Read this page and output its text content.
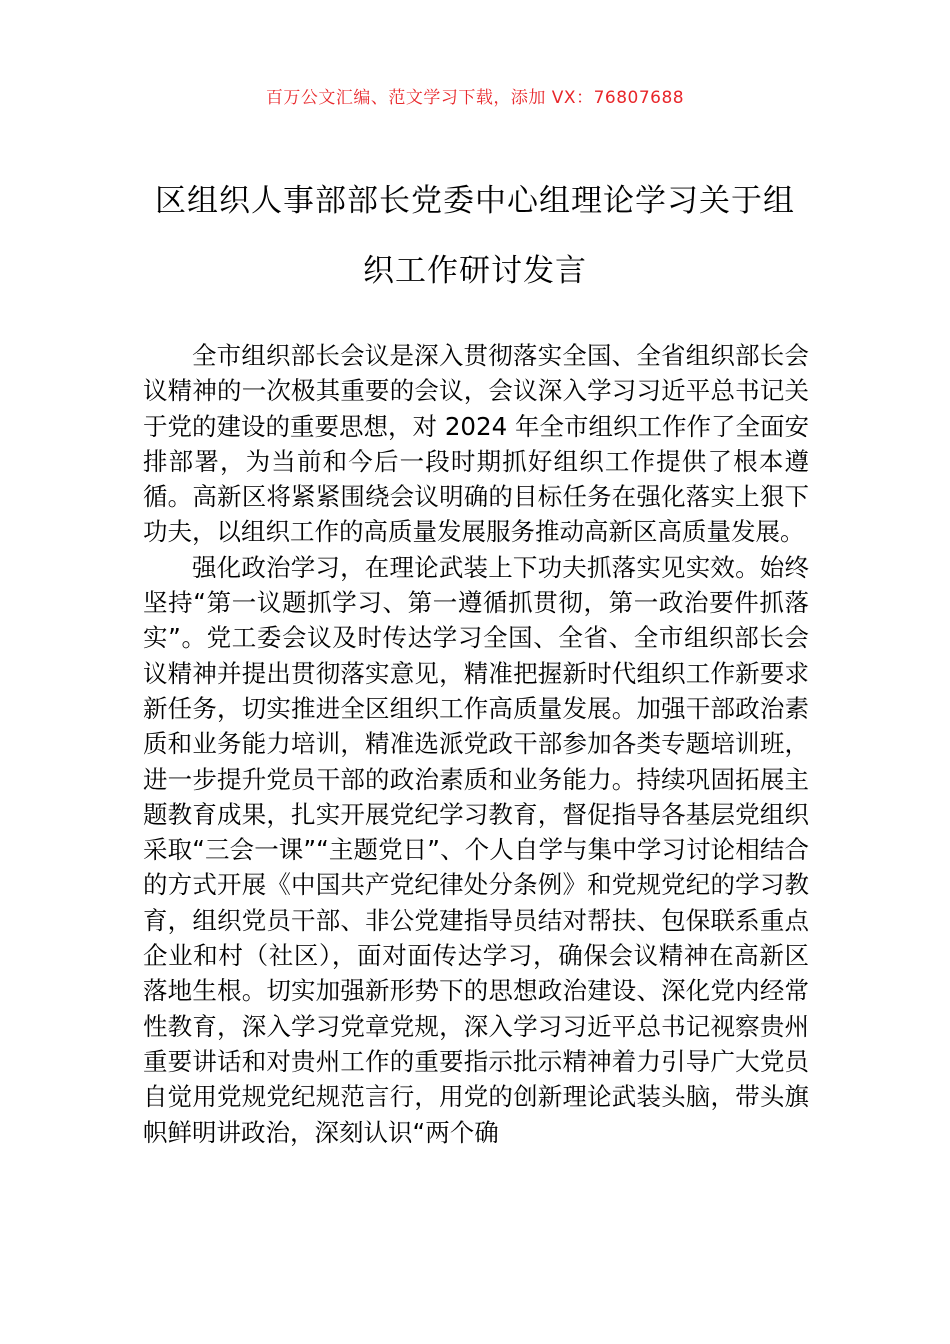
百万公文汇编、范文学习下载，添加 VX：76807688
区组织人事部部长党委中心组理论学习关于组织工作研讨发言

全市组织部长会议是深入贯彻落实全国、全省组织部长会议精神的一次极其重要的会议，会议深入学习习近平总书记关于党的建设的重要思想，对 2024 年全市组织工作作了全面安排部署，为当前和今后一段时期抓好组织工作提供了根本遵循。高新区将紧紧围绕会议明确的目标任务在强化落实上狠下功夫，以组织工作的高质量发展服务推动高新区高质量发展。

强化政治学习，在理论武装上下功夫抓落实见实效。始终坚持“第一议题抓学习、第一遵循抓贯彻，第一政治要件抓落实”。党工委会议及时传达学习全国、全省、全市组织部长会议精神并提出贯彻落实意见，精准把握新时代组织工作新要求新任务，切实推进全区组织工作高质量发展。加强干部政治素质和业务能力培训，精准选派党政干部参加各类专题培训班，进一步提升党员干部的政治素质和业务能力。持续巩固拓展主题教育成果，扎实开展党纪学习教育，督促指导各基层党组织采取“三会一课”“主题党日”、个人自学与集中学习讨论相结合的方式开展《中国共产党纪律处分条例》和党规党纪的学习教育，组织党员干部、非公党建指导员结对帮扶、包保联系重点企业和村（社区），面对面传达学习，确保会议精神在高新区落地生根。切实加强新形势下的思想政治建设、深化党内经常性教育，深入学习党章党规，深入学习习近平总书记视察贵州重要讲话和对贵州工作的重要指示批示精神着力引导广大党员自觉用党规党纪规范言行，用党的创新理论武装头脑，带头旗帜鲜明讲政治，深刻认识“两个确
